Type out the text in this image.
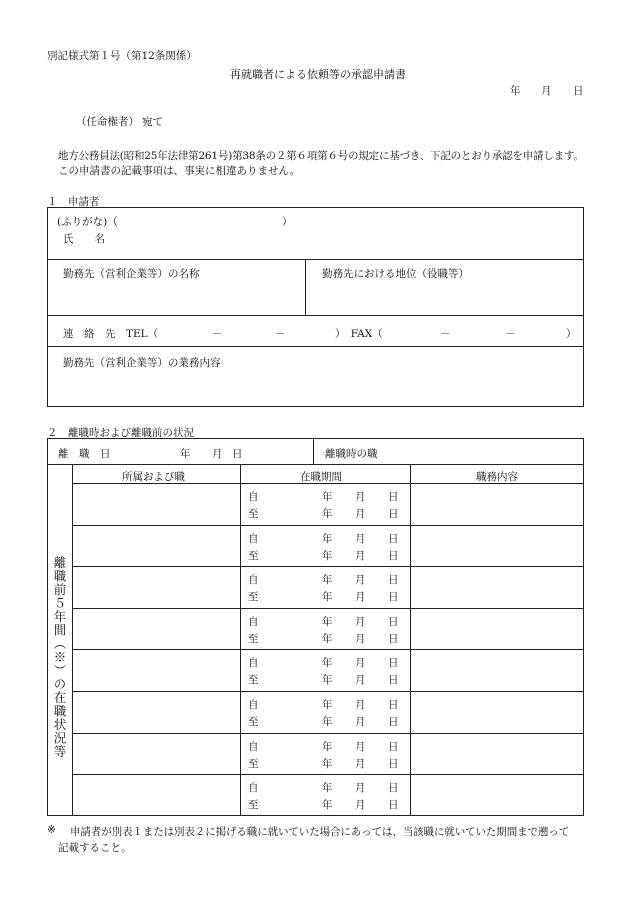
別記様式第１号（第12条関係）
再就職者による依頼等の承認申請書
年 月 日
（任命権者） 宛て
地方公務員法(昭和25年法律第261号)第38条の２第６項第６号の規定に基づき、下記のとおり承認を申請します。
この申請書の記載事項は、事実に相違ありません。
１　申請者
(ふりがな)（	）
氏　　名
勤務先（営利企業等）の名称	勤務先における地位（役職等）
連　絡　先 TEL（	－	－	）　FAX（	－	－	）
勤務先（営利企業等）の業務内容
２　離職時および離職前の状況
離　職　日	年 月 日	離職時の職
所属および職	在職期間	職務内容
離職前５年間（※）の在職状況等
自	年 月 日
至	年 月 日
自	年 月 日
至	年 月 日
自	年 月 日
至	年 月 日
自	年 月 日
至	年 月 日
自	年 月 日
至	年 月 日
自	年 月 日
至	年 月 日
自	年 月 日
至	年 月 日
自	年 月 日
至	年 月 日
※ 申請者が別表１または別表２に掲げる職に就いていた場合にあっては、当該職に就いていた期間まで遡って
記載すること。
